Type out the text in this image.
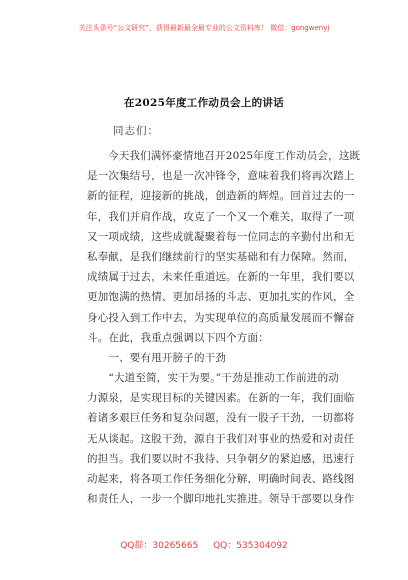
关注头条号“公文研究”，获得最新最全最专业的公文资料库！ 微信：gongwenyj
在2025年度工作动员会上的讲话
同志们：
今天我们满怀豪情地召开2025年度工作动员会，这既
是一次集结号，也是一次冲锋令，意味着我们将再次踏上
新的征程，迎接新的挑战，创造新的辉煌。回首过去的一
年，我们并肩作战，攻克了一个又一个难关，取得了一项
又一项成绩，这些成就凝聚着每一位同志的辛勤付出和无
私奉献，是我们继续前行的坚实基础和有力保障。然而，
成绩属于过去，未来任重道远。在新的一年里，我们要以
更加饱满的热情、更加昂扬的斗志、更加扎实的作风，全
身心投入到工作中去，为实现单位的高质量发展而不懈奋
斗。在此，我重点强调以下四个方面：
　　一、要有甩开膀子的干劲
　　“大道至简，实干为要。”干劲是推动工作前进的动
力源泉，是实现目标的关键因素。在新的一年，我们面临
着诸多艰巨任务和复杂问题，没有一股子干劲，一切都将
无从谈起。这股干劲，源自于我们对事业的热爱和对责任
的担当。我们要以时不我待、只争朝夕的紧迫感，迅速行
动起来，将各项工作任务细化分解，明确时间表、路线图
和责任人，一步一个脚印地扎实推进。领导干部要以身作
QQ群：30265665 QQ：535304092
